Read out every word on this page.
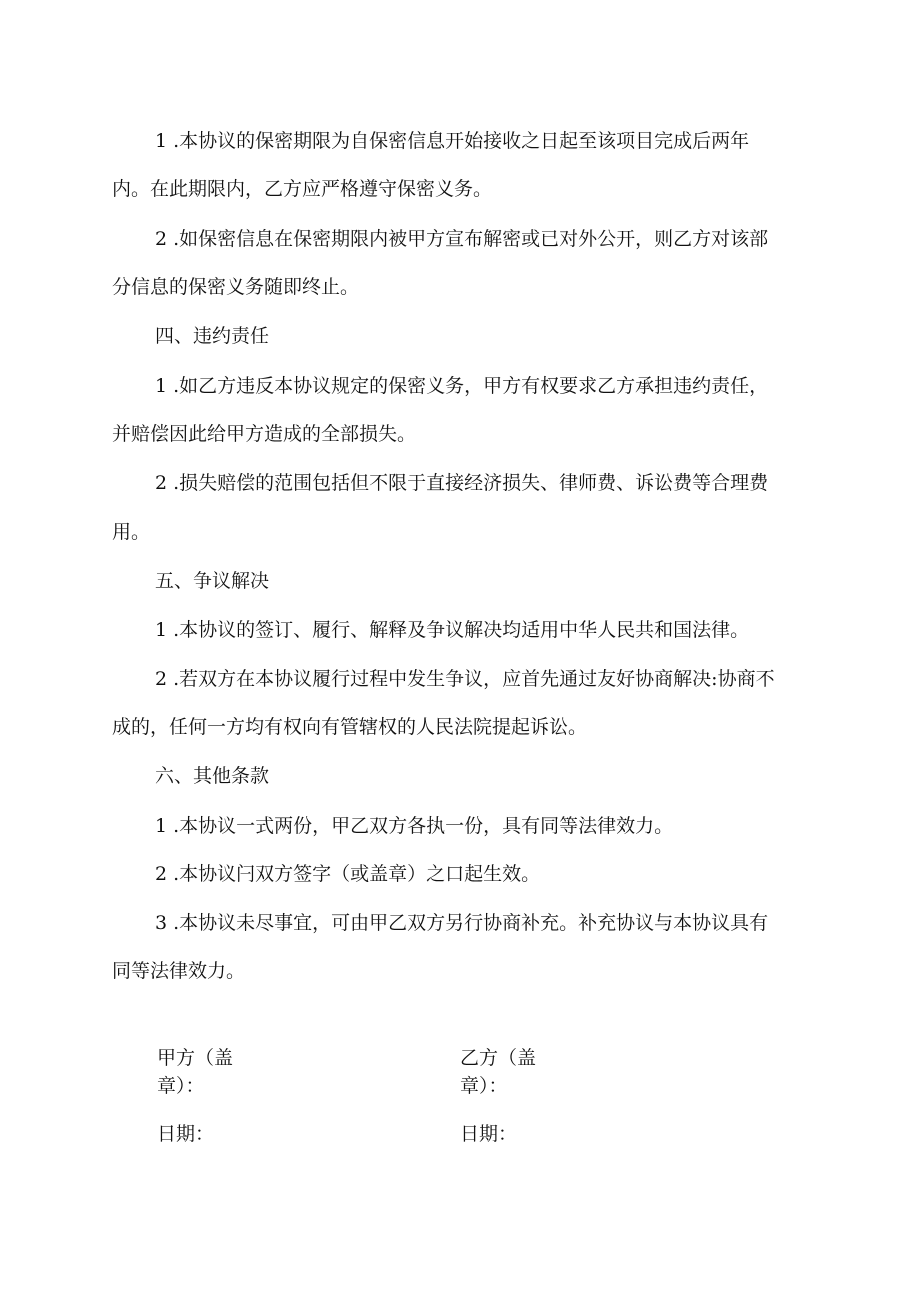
1 .本协议的保密期限为自保密信息开始接收之日起至该项目完成后两年
内。在此期限内，乙方应严格遵守保密义务。
2 .如保密信息在保密期限内被甲方宣布解密或已对外公开，则乙方对该部
分信息的保密义务随即终止。
四、违约责任
1 .如乙方违反本协议规定的保密义务，甲方有权要求乙方承担违约责任，
并赔偿因此给甲方造成的全部损失。
2 .损失赔偿的范围包括但不限于直接经济损失、律师费、诉讼费等合理费
用。
五、争议解决
1 .本协议的签订、履行、解释及争议解决均适用中华人民共和国法律。
2 .若双方在本协议履行过程中发生争议，应首先通过友好协商解决:协商不
成的，任何一方均有权向有管辖权的人民法院提起诉讼。
六、其他条款
1 .本协议一式两份，甲乙双方各执一份，具有同等法律效力。
2 .本协议闩双方签字（或盖章）之口起生效。
3 .本协议未尽事宜，可由甲乙双方另行协商补充。补充协议与本协议具有
同等法律效力。
甲方（盖
章）：
日期：
乙方（盖
章）：
日期：
